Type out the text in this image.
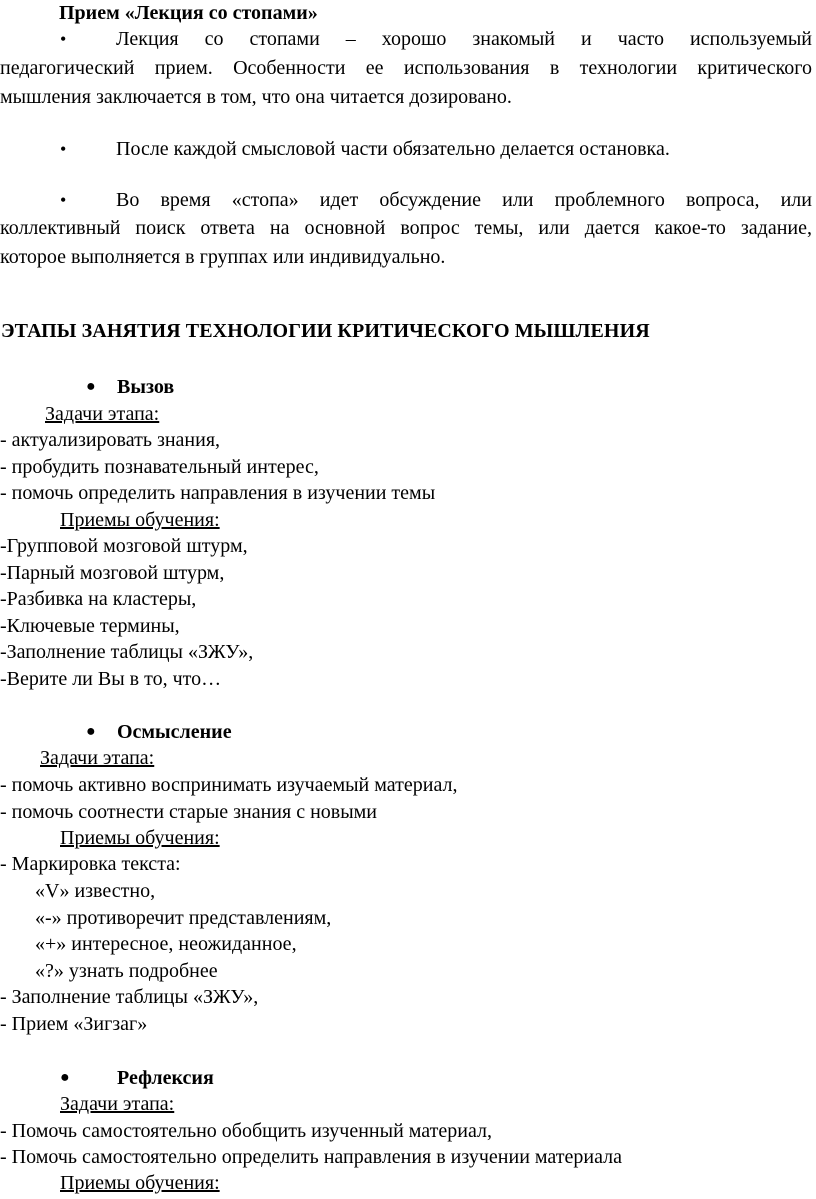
Прием «Лекция со стопами»
• Лекция со стопами – хорошо знакомый и часто используемый
педагогический прием. Особенности ее использования в технологии критического
мышления заключается в том, что она читается дозировано.
• После каждой смысловой части обязательно делается остановка.
• Во время «стопа» идет обсуждение или проблемного вопроса, или
коллективный поиск ответа на основной вопрос темы, или дается какое-то задание,
которое выполняется в группах или индивидуально.
ЭТАПЫ ЗАНЯТИЯ ТЕХНОЛОГИИ КРИТИЧЕСКОГО МЫШЛЕНИЯ
● Вызов
Задачи этапа:
- актуализировать знания,
- пробудить познавательный интерес,
- помочь определить направления в изучении темы
Приемы обучения:
-Групповой мозговой штурм,
-Парный мозговой штурм,
-Разбивка на кластеры,
-Ключевые термины,
-Заполнение таблицы «ЗЖУ»,
-Верите ли Вы в то, что…
● Осмысление
Задачи этапа:
- помочь активно воспринимать изучаемый материал,
- помочь соотнести старые знания с новыми
Приемы обучения:
- Маркировка текста:
«V» известно,
«-» противоречит представлениям,
«+» интересное, неожиданное,
«?» узнать подробнее
- Заполнение таблицы «ЗЖУ»,
- Прием «Зигзаг»
● Рефлексия
Задачи этапа:
- Помочь самостоятельно обобщить изученный материал,
- Помочь самостоятельно определить направления в изучении материала
Приемы обучения:
